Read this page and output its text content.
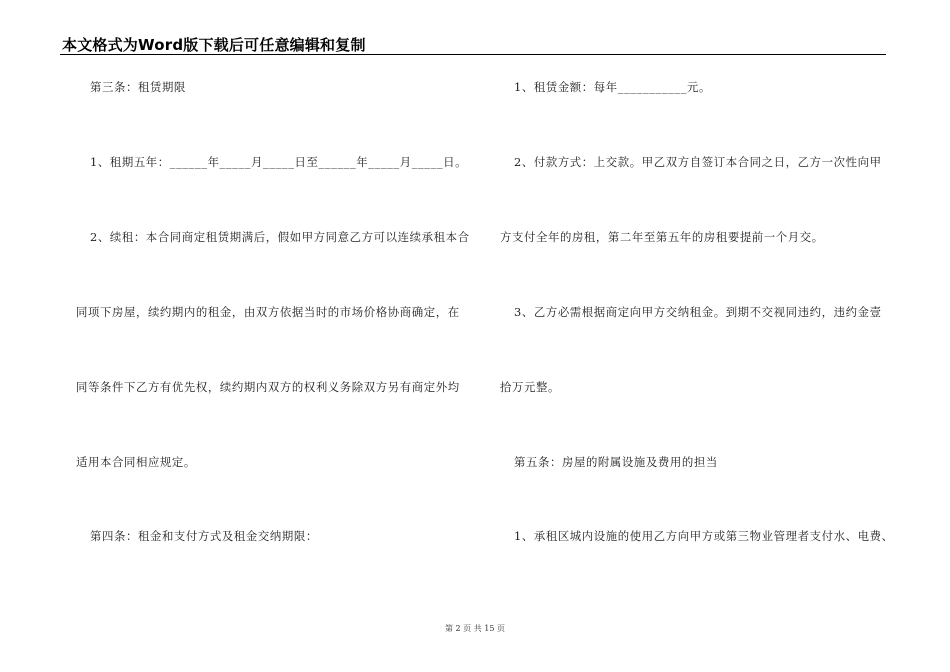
本文格式为Word版下载后可任意编辑和复制
第三条：租赁期限
1、租期五年：______年_____月_____日至______年_____月_____日。
2、续租：本合同商定租赁期满后，假如甲方同意乙方可以连续承租本合
同项下房屋，续约期内的租金，由双方依据当时的市场价格协商确定，在
同等条件下乙方有优先权，续约期内双方的权利义务除双方另有商定外均
适用本合同相应规定。
第四条：租金和支付方式及租金交纳期限：
1、租赁金额：每年___________元。
2、付款方式：上交款。甲乙双方自签订本合同之日，乙方一次性向甲
方支付全年的房租，第二年至第五年的房租要提前一个月交。
3、乙方必需根据商定向甲方交纳租金。到期不交视同违约，违约金壹
拾万元整。
第五条：房屋的附属设施及费用的担当
1、承租区城内设施的使用乙方向甲方或第三物业管理者支付水、电费、
第 2 页 共 15 页
